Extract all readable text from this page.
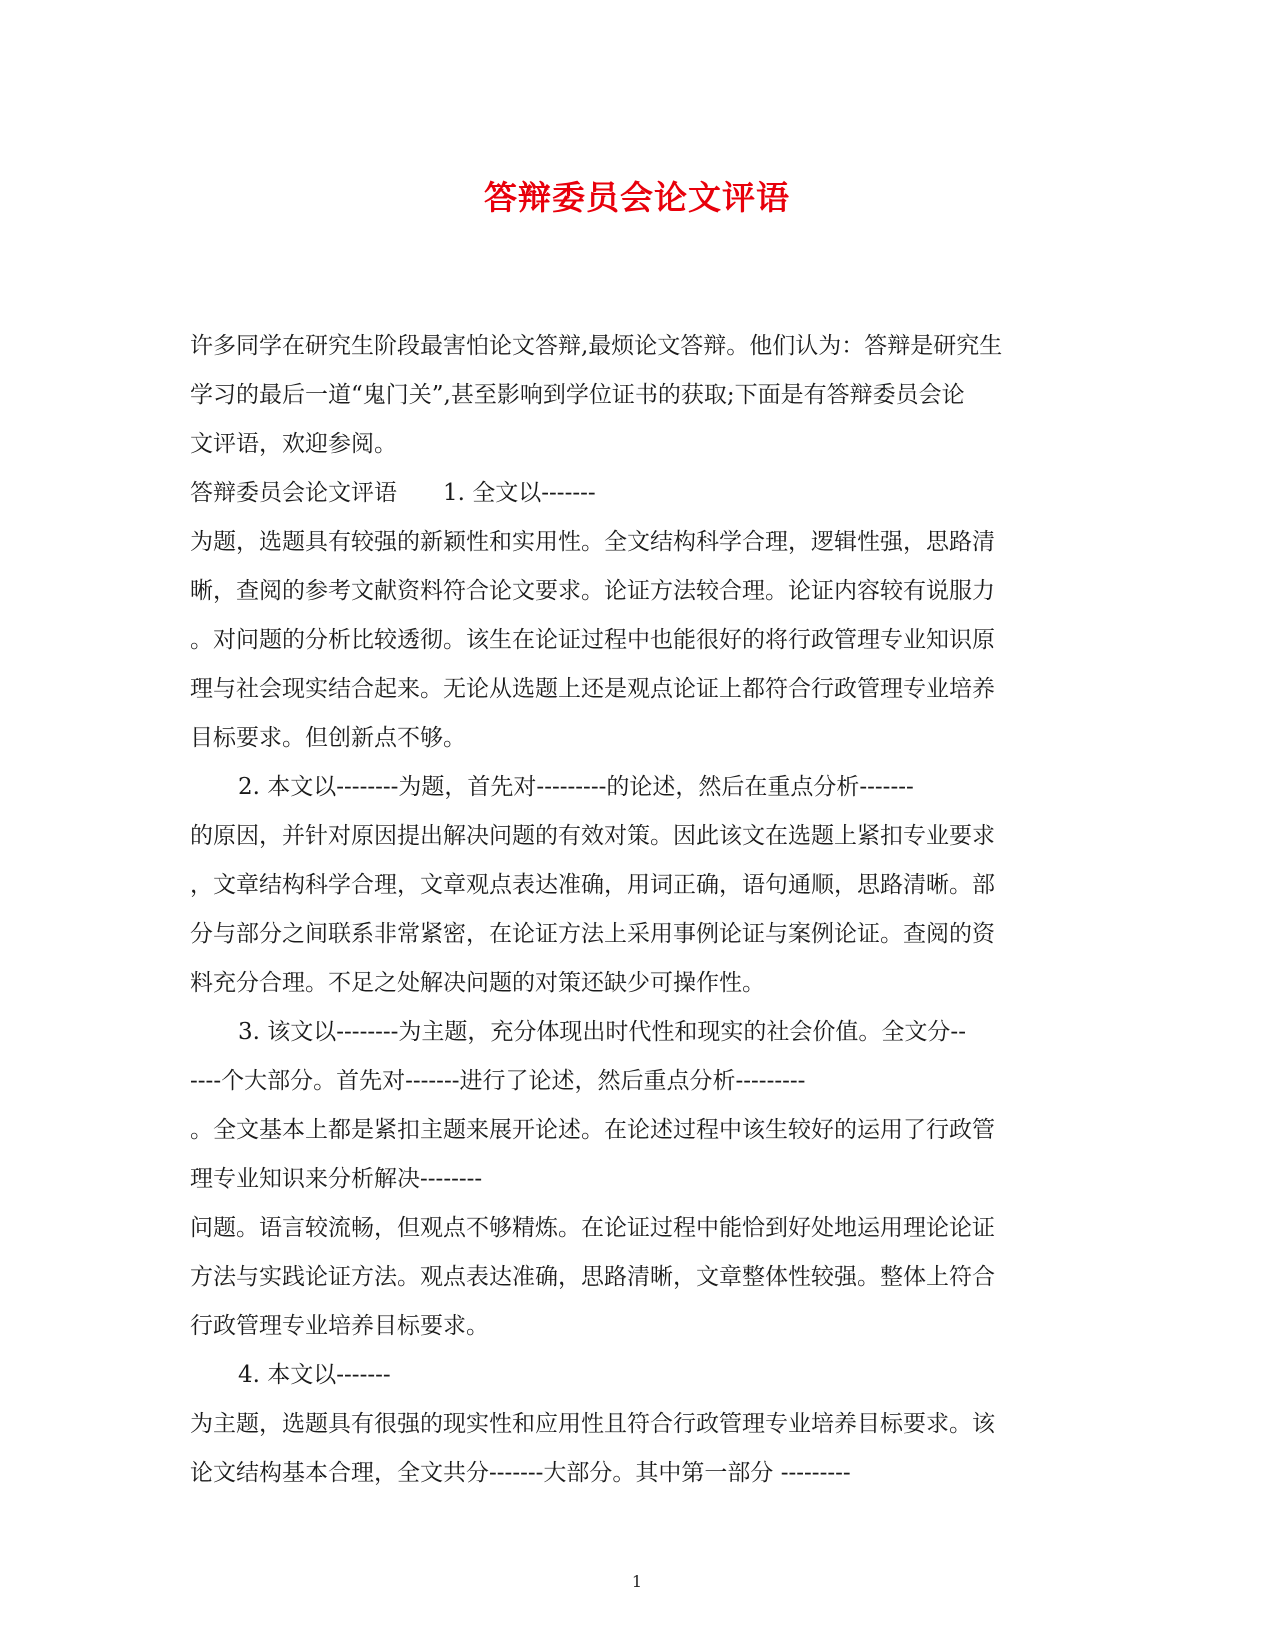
答辩委员会论文评语
许多同学在研究生阶段最害怕论文答辩,最烦论文答辩。他们认为：答辩是研究生
学习的最后一道“鬼门关”,甚至影响到学位证书的获取;下面是有答辩委员会论
文评语，欢迎参阅。
答辩委员会论文评语　　1. 全文以-------
为题，选题具有较强的新颖性和实用性。全文结构科学合理，逻辑性强，思路清
晰，查阅的参考文献资料符合论文要求。论证方法较合理。论证内容较有说服力
。对问题的分析比较透彻。该生在论证过程中也能很好的将行政管理专业知识原
理与社会现实结合起来。无论从选题上还是观点论证上都符合行政管理专业培养
目标要求。但创新点不够。
2. 本文以--------为题，首先对---------的论述，然后在重点分析-------
的原因，并针对原因提出解决问题的有效对策。因此该文在选题上紧扣专业要求
，文章结构科学合理，文章观点表达准确，用词正确，语句通顺，思路清晰。部
分与部分之间联系非常紧密，在论证方法上采用事例论证与案例论证。查阅的资
料充分合理。不足之处解决问题的对策还缺少可操作性。
3. 该文以--------为主题，充分体现出时代性和现实的社会价值。全文分--
----个大部分。首先对-------进行了论述，然后重点分析---------
。全文基本上都是紧扣主题来展开论述。在论述过程中该生较好的运用了行政管
理专业知识来分析解决--------
问题。语言较流畅，但观点不够精炼。在论证过程中能恰到好处地运用理论论证
方法与实践论证方法。观点表达准确，思路清晰，文章整体性较强。整体上符合
行政管理专业培养目标要求。
4. 本文以-------
为主题，选题具有很强的现实性和应用性且符合行政管理专业培养目标要求。该
论文结构基本合理，全文共分-------大部分。其中第一部分 ---------
1
